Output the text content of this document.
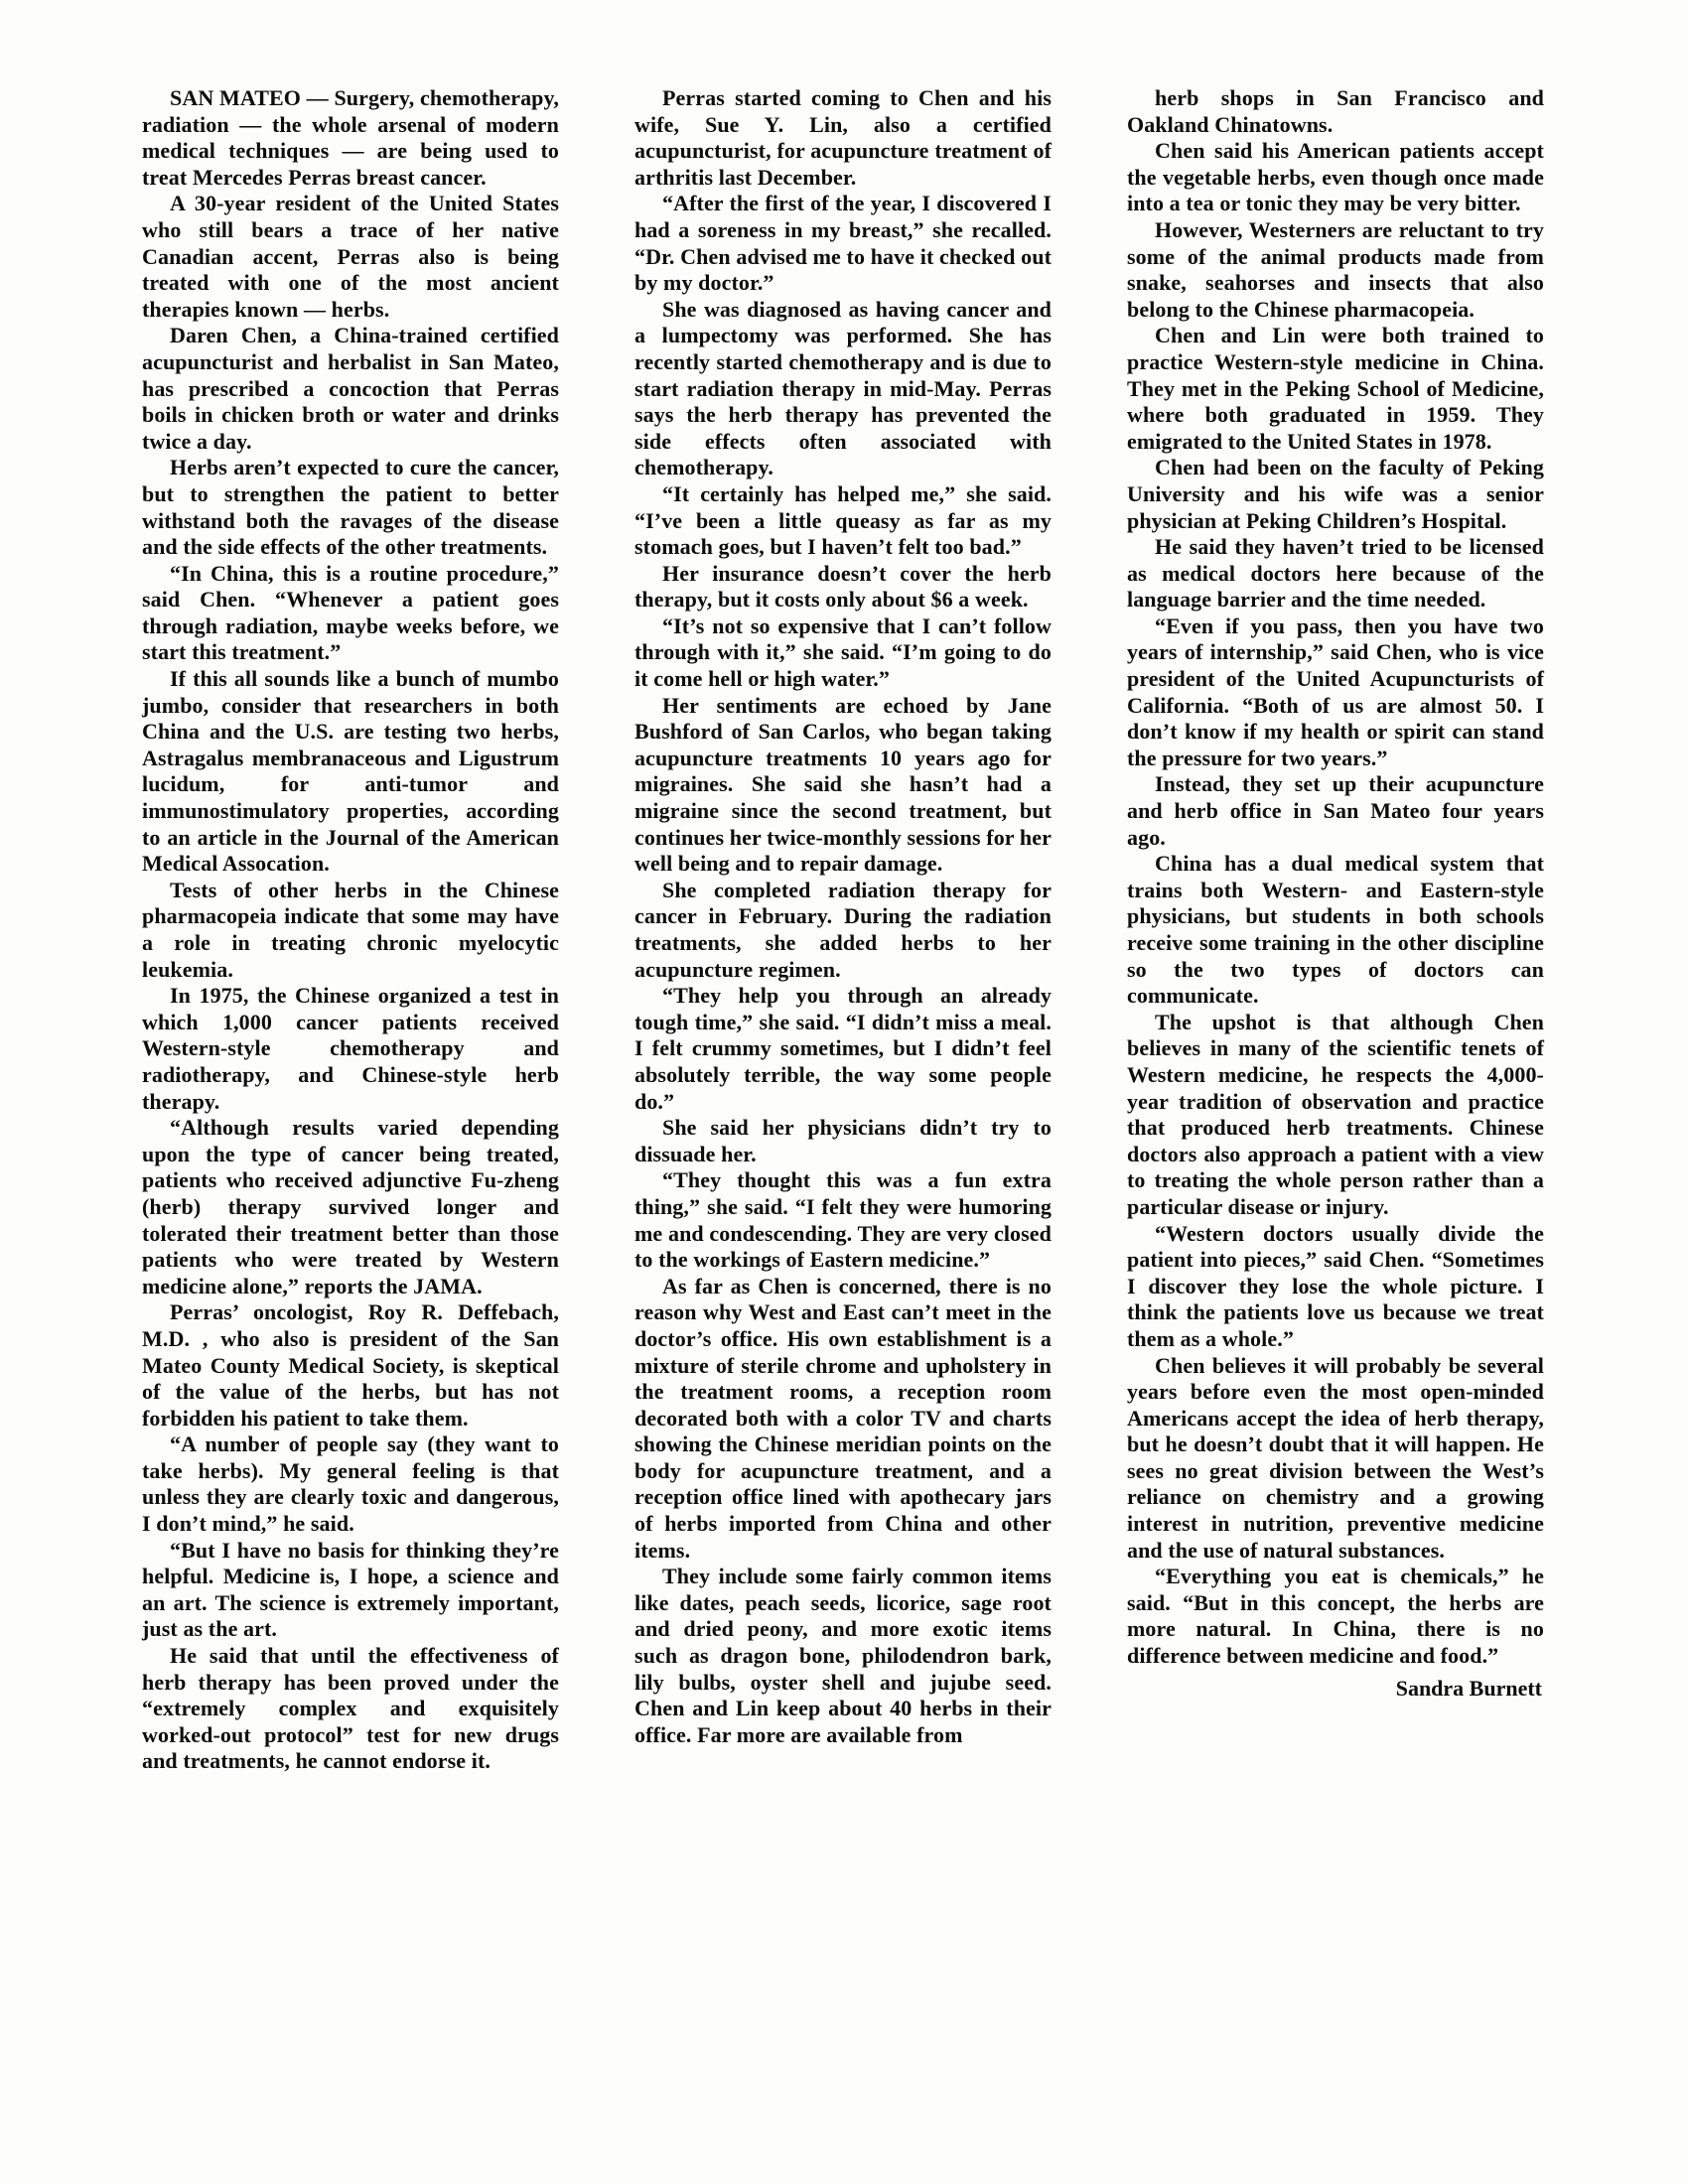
SAN MATEO — Surgery, chemotherapy, radiation — the whole arsenal of modern medical techniques — are being used to treat Mercedes Perras breast cancer.

A 30-year resident of the United States who still bears a trace of her native Canadian accent, Perras also is being treated with one of the most ancient therapies known — herbs.

Daren Chen, a China-trained certified acupuncturist and herbalist in San Mateo, has prescribed a concoction that Perras boils in chicken broth or water and drinks twice a day.

Herbs aren’t expected to cure the cancer, but to strengthen the patient to better withstand both the ravages of the disease and the side effects of the other treatments.

“In China, this is a routine procedure,” said Chen. “Whenever a patient goes through radiation, maybe weeks before, we start this treatment.”

If this all sounds like a bunch of mumbo jumbo, consider that researchers in both China and the U.S. are testing two herbs, Astragalus membranaceous and Ligustrum lucidum, for anti-tumor and immunostimulatory properties, according to an article in the Journal of the American Medical Assocation.

Tests of other herbs in the Chinese pharmacopeia indicate that some may have a role in treating chronic myelocytic leukemia.

In 1975, the Chinese organized a test in which 1,000 cancer patients received Western-style chemotherapy and radiotherapy, and Chinese-style herb therapy.

“Although results varied depending upon the type of cancer being treated, patients who received adjunctive Fu-zheng (herb) therapy survived longer and tolerated their treatment better than those patients who were treated by Western medicine alone,” reports the JAMA.

Perras’ oncologist, Roy R. Deffebach, M.D. , who also is president of the San Mateo County Medical Society, is skeptical of the value of the herbs, but has not forbidden his patient to take them.

“A number of people say (they want to take herbs). My general feeling is that unless they are clearly toxic and dangerous, I don’t mind,” he said.

“But I have no basis for thinking they’re helpful. Medicine is, I hope, a science and an art. The science is extremely important, just as the art.

He said that until the effectiveness of herb therapy has been proved under the “extremely complex and exquisitely worked-out protocol” test for new drugs and treatments, he cannot endorse it.

Perras started coming to Chen and his wife, Sue Y. Lin, also a certified acupuncturist, for acupuncture treatment of arthritis last December.

“After the first of the year, I discovered I had a soreness in my breast,” she recalled. “Dr. Chen advised me to have it checked out by my doctor.”

She was diagnosed as having cancer and a lumpectomy was performed. She has recently started chemotherapy and is due to start radiation therapy in mid-May. Perras says the herb therapy has prevented the side effects often associated with chemotherapy.

“It certainly has helped me,” she said. “I’ve been a little queasy as far as my stomach goes, but I haven’t felt too bad.”

Her insurance doesn’t cover the herb therapy, but it costs only about $6 a week.

“It’s not so expensive that I can’t follow through with it,” she said. “I’m going to do it come hell or high water.”

Her sentiments are echoed by Jane Bushford of San Carlos, who began taking acupuncture treatments 10 years ago for migraines. She said she hasn’t had a migraine since the second treatment, but continues her twice-monthly sessions for her well being and to repair damage.

She completed radiation therapy for cancer in February. During the radiation treatments, she added herbs to her acupuncture regimen.

“They help you through an already tough time,” she said. “I didn’t miss a meal. I felt crummy sometimes, but I didn’t feel absolutely terrible, the way some people do.”

She said her physicians didn’t try to dissuade her.

“They thought this was a fun extra thing,” she said. “I felt they were humoring me and condescending. They are very closed to the workings of Eastern medicine.”

As far as Chen is concerned, there is no reason why West and East can’t meet in the doctor’s office. His own establishment is a mixture of sterile chrome and upholstery in the treatment rooms, a reception room decorated both with a color TV and charts showing the Chinese meridian points on the body for acupuncture treatment, and a reception office lined with apothecary jars of herbs imported from China and other items.

They include some fairly common items like dates, peach seeds, licorice, sage root and dried peony, and more exotic items such as dragon bone, philodendron bark, lily bulbs, oyster shell and jujube seed. Chen and Lin keep about 40 herbs in their office. Far more are available from

herb shops in San Francisco and Oakland Chinatowns.

Chen said his American patients accept the vegetable herbs, even though once made into a tea or tonic they may be very bitter.

However, Westerners are reluctant to try some of the animal products made from snake, seahorses and insects that also belong to the Chinese pharmacopeia.

Chen and Lin were both trained to practice Western-style medicine in China. They met in the Peking School of Medicine, where both graduated in 1959. They emigrated to the United States in 1978.

Chen had been on the faculty of Peking University and his wife was a senior physician at Peking Children’s Hospital.

He said they haven’t tried to be licensed as medical doctors here because of the language barrier and the time needed.

“Even if you pass, then you have two years of internship,” said Chen, who is vice president of the United Acupuncturists of California. “Both of us are almost 50. I don’t know if my health or spirit can stand the pressure for two years.”

Instead, they set up their acupuncture and herb office in San Mateo four years ago.

China has a dual medical system that trains both Western- and Eastern-style physicians, but students in both schools receive some training in the other discipline so the two types of doctors can communicate.

The upshot is that although Chen believes in many of the scientific tenets of Western medicine, he respects the 4,000-year tradition of observation and practice that produced herb treatments. Chinese doctors also approach a patient with a view to treating the whole person rather than a particular disease or injury.

“Western doctors usually divide the patient into pieces,” said Chen. “Sometimes I discover they lose the whole picture. I think the patients love us because we treat them as a whole.”

Chen believes it will probably be several years before even the most open-minded Americans accept the idea of herb therapy, but he doesn’t doubt that it will happen. He sees no great division between the West’s reliance on chemistry and a growing interest in nutrition, preventive medicine and the use of natural substances.

“Everything you eat is chemicals,” he said. “But in this concept, the herbs are more natural. In China, there is no difference between medicine and food.”

Sandra Burnett
